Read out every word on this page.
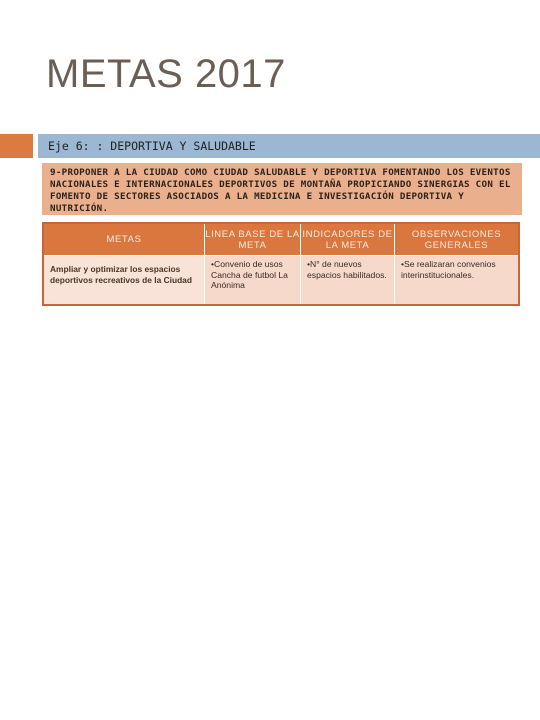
METAS 2017
Eje 6: : DEPORTIVA Y SALUDABLE
9-PROPONER A LA CIUDAD COMO CIUDAD SALUDABLE Y DEPORTIVA FOMENTANDO LOS EVENTOS NACIONALES E INTERNACIONALES DEPORTIVOS DE MONTAÑA PROPICIANDO SINERGIAS CON EL FOMENTO DE SECTORES ASOCIADOS A LA MEDICINA E INVESTIGACIÓN DEPORTIVA Y NUTRICIÓN.
METAS	LINEA BASE DE LA META
INDICADORES DE LA META
OBSERVACIONES GENERALES
Ampliar y optimizar los espacios deportivos recreativos de la Ciudad
•Convenio de usos Cancha de futbol La Anónima
•N° de nuevos espacios habilitados.
•Se realizaran convenios interinstitucionales.
